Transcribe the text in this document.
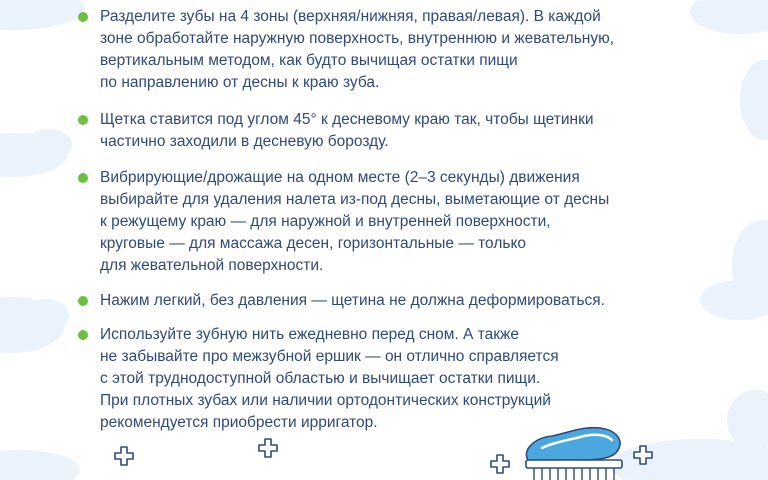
Разделите зубы на 4 зоны (верхняя/нижняя, правая/левая). В каждой
зоне обработайте наружную поверхность, внутреннюю и жевательную,
вертикальным методом, как будто вычищая остатки пищи
по направлению от десны к краю зуба.
Щетка ставится под углом 45° к десневому краю так, чтобы щетинки
частично заходили в десневую борозду.
Вибрирующие/дрожащие на одном месте (2–3 секунды) движения
выбирайте для удаления налета из-под десны, выметающие от десны
к режущему краю — для наружной и внутренней поверхности,
круговые — для массажа десен, горизонтальные — только
для жевательной поверхности.
Нажим легкий, без давления — щетина не должна деформироваться.
Используйте зубную нить ежедневно перед сном. А также
не забывайте про межзубной ершик — он отлично справляется
с этой труднодоступной областью и вычищает остатки пищи.
При плотных зубах или наличии ортодонтических конструкций
рекомендуется приобрести ирригатор.
